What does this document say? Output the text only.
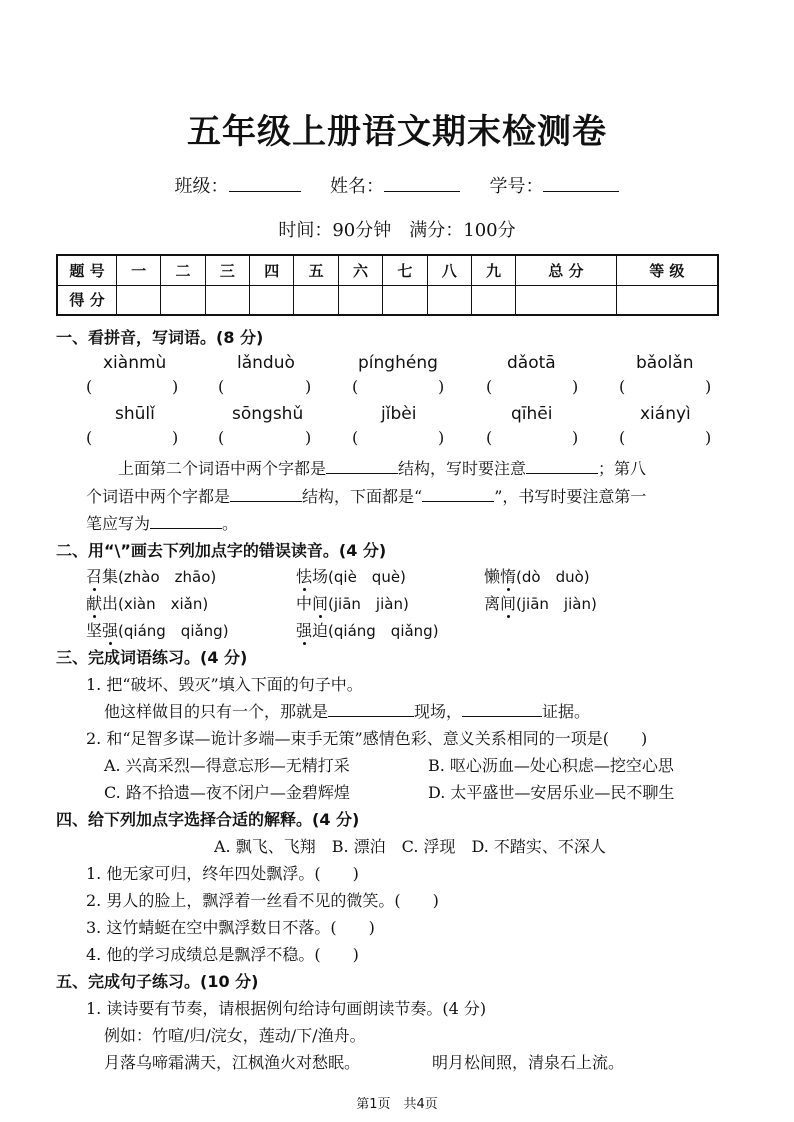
五年级上册语文期末检测卷
班级：	姓名：	学号：
时间：90分钟　满分：100分
题 号	一	二	三	四	五	六	七	八	九	总 分	等 级
得 分											
一、看拼音，写词语。(8 分)
xiànmù	lǎnduò	pínghéng	dǎotā	bǎolǎn
(	) (	)	(	)	(	)	(	)
shūlǐ	sōngshǔ	jǐbèi	qīhēi	xiányì
(	) (	)	(	)	(	)	(	)
上面第二个词语中两个字都是	结构，写时要注意	；第八
个词语中两个字都是	结构，下面都是“	”，书写时要注意第一
笔应写为	。
二、用“\”画去下列加点字的错误读音。(4 分)
召集(zhào　zhāo)	怯场(qiè　què)	懒惰(dò　duò)
献出(xiàn　xiǎn)	中间(jiān　jiàn)	离间(jiān　jiàn)
坚强(qiáng　qiǎng)	强迫(qiáng　qiǎng)
三、完成词语练习。(4 分)
1. 把“破坏、毁灭”填入下面的句子中。
他这样做目的只有一个，那就是	现场，	证据。
2. 和“足智多谋—诡计多端—束手无策”感情色彩、意义关系相同的一项是(　　)
A. 兴高采烈—得意忘形—无精打采	B. 呕心沥血—处心积虑—挖空心思
C. 路不拾遗—夜不闭户—金碧辉煌	D. 太平盛世—安居乐业—民不聊生
四、给下列加点字选择合适的解释。(4 分)
A. 飘飞、飞翔　B. 漂泊　C. 浮现　D. 不踏实、不深人
1. 他无家可归，终年四处飘浮。(　　)
2. 男人的脸上，飘浮着一丝看不见的微笑。(　　)
3. 这竹蜻蜓在空中飘浮数日不落。(　　)
4. 他的学习成绩总是飘浮不稳。(　　)
五、完成句子练习。(10 分)
1. 读诗要有节奏，请根据例句给诗句画朗读节奏。(4 分)
例如：竹喧/归/浣女，莲动/下/渔舟。
月落乌啼霜满天，江枫渔火对愁眠。	明月松间照，清泉石上流。
第1页　共4页
